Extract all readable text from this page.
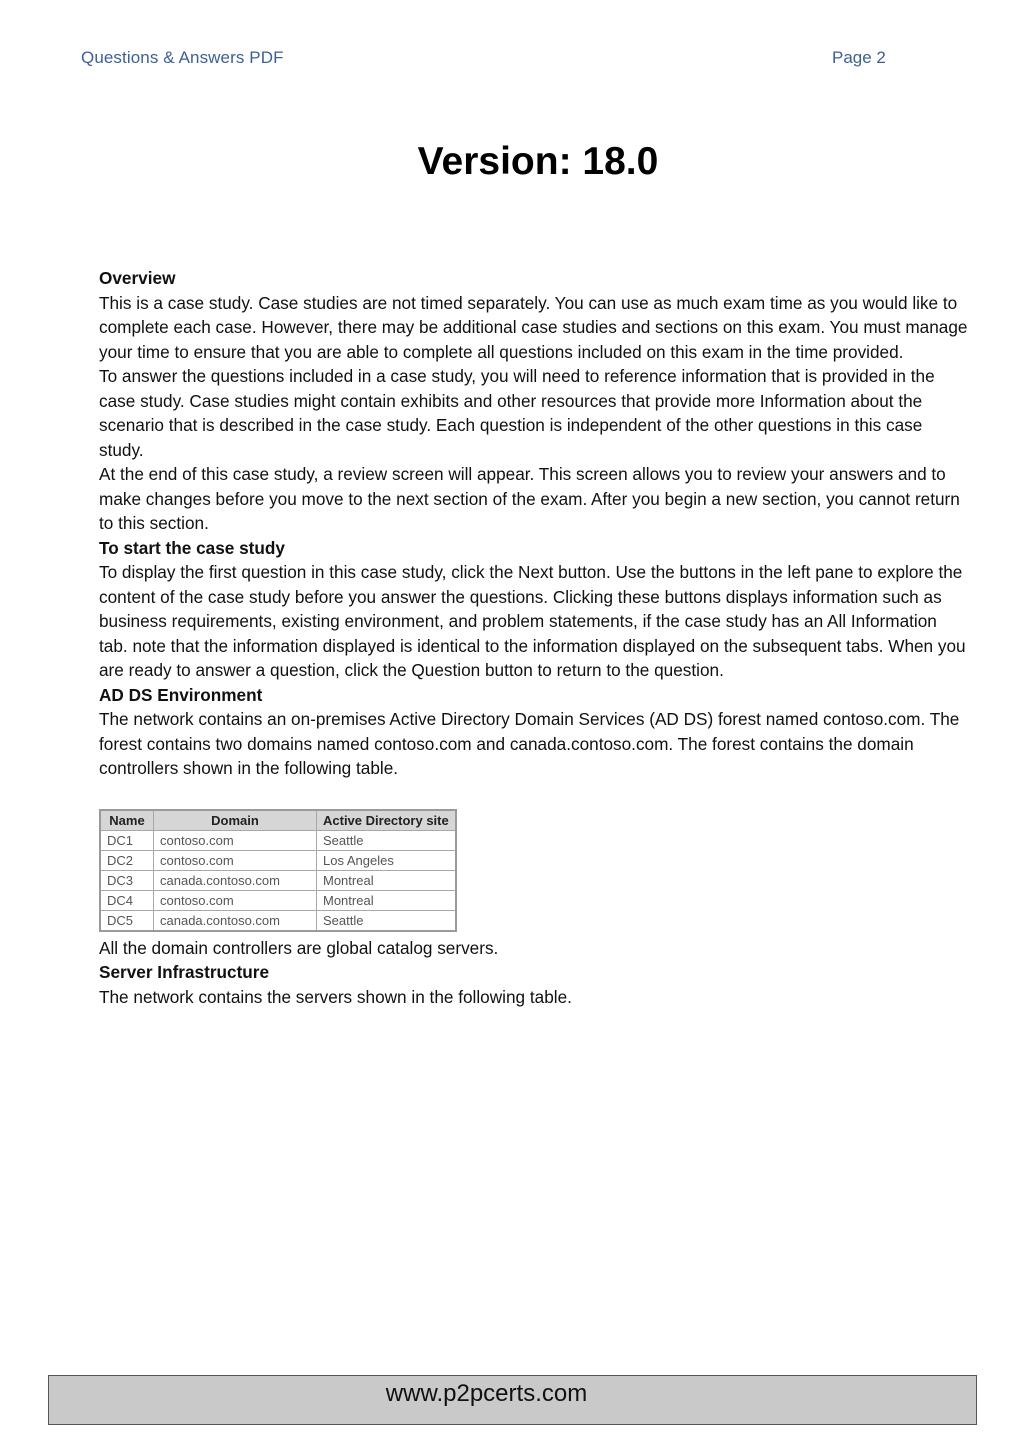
Questions & Answers PDF	Page 2
Version: 18.0

Overview

This is a case study. Case studies are not timed separately. You can use as much exam time as you would like to complete each case. However, there may be additional case studies and sections on this exam. You must manage your time to ensure that you are able to complete all questions included on this exam in the time provided.

To answer the questions included in a case study, you will need to reference information that is provided in the case study. Case studies might contain exhibits and other resources that provide more Information about the scenario that is described in the case study. Each question is independent of the other questions in this case study.

At the end of this case study, a review screen will appear. This screen allows you to review your answers and to make changes before you move to the next section of the exam. After you begin a new section, you cannot return to this section.

To start the case study

To display the first question in this case study, click the Next button. Use the buttons in the left pane to explore the content of the case study before you answer the questions. Clicking these buttons displays information such as business requirements, existing environment, and problem statements, if the case study has an All Information tab. note that the information displayed is identical to the information displayed on the subsequent tabs. When you are ready to answer a question, click the Question button to return to the question.

AD DS Environment

The network contains an on-premises Active Directory Domain Services (AD DS) forest named contoso.com. The forest contains two domains named contoso.com and canada.contoso.com. The forest contains the domain controllers shown in the following table.

Name	Domain	Active Directory site
DC1	contoso.com	Seattle
DC2	contoso.com	Los Angeles
DC3	canada.contoso.com	Montreal
DC4	contoso.com	Montreal
DC5	canada.contoso.com	Seattle

All the domain controllers are global catalog servers.

Server Infrastructure

The network contains the servers shown in the following table.

www.p2pcerts.com
